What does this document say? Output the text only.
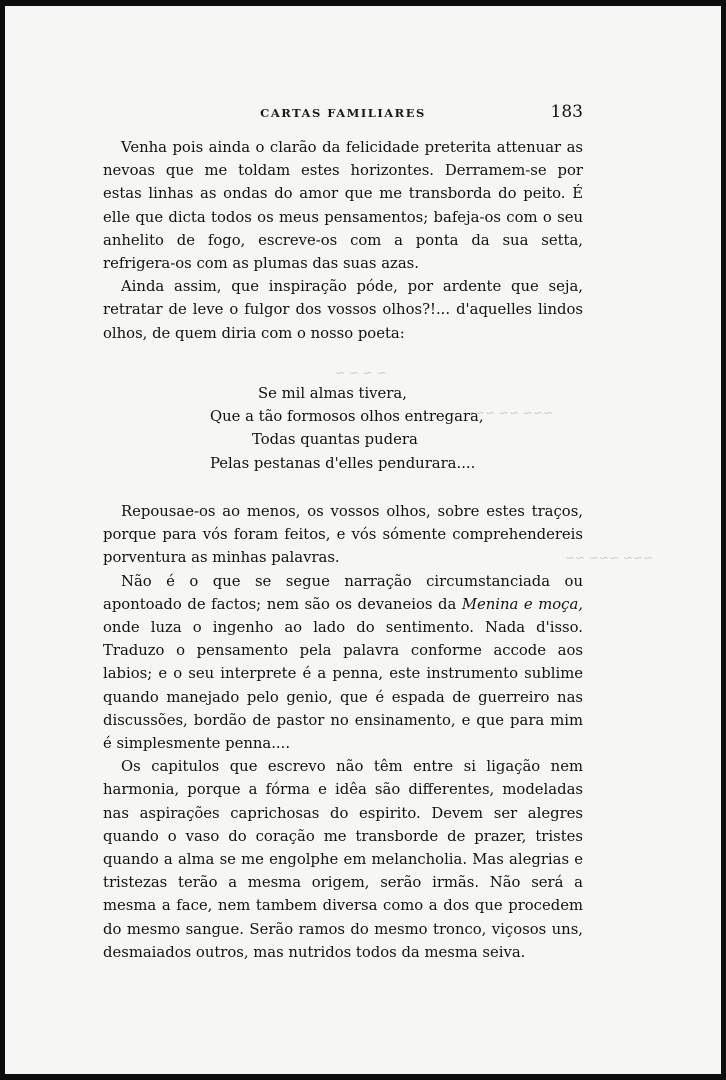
~ ~ ~ ~
~~~ ~~ ~~~
~~~ ~~~ ~~
CARTAS FAMILIARES	183

Venha pois ainda o clarão da felicidade preterita attenuar as nevoas que me toldam estes horizontes. Derramem-se por estas linhas as ondas do amor que me transborda do peito. É elle que dicta todos os meus pensamentos; bafeja-os com o seu anhelito de fogo, escreve-os com a ponta da sua setta, refrigera-os com as plumas das suas azas.

Ainda assim, que inspiração póde, por ardente que seja, retratar de leve o fulgor dos vossos olhos?!... d'aquelles lindos olhos, de quem diria com o nosso poeta:

Se mil almas tivera,
Que a tão formosos olhos entregara,
Todas quantas pudera
Pelas pestanas d'elles pendurara....

Repousae-os ao menos, os vossos olhos, sobre estes traços, porque para vós foram feitos, e vós sómente comprehendereis porventura as minhas palavras.

Não é o que se segue narração circumstanciada ou apontoado de factos; nem são os devaneios da Menina e moça, onde luza o ingenho ao lado do sentimento. Nada d'isso. Traduzo o pensamento pela palavra conforme accode aos labios; e o seu interprete é a penna, este instrumento sublime quando manejado pelo genio, que é espada de guerreiro nas discussões, bordão de pastor no ensinamento, e que para mim é simplesmente penna....

Os capitulos que escrevo não têm entre si ligação nem harmonia, porque a fórma e idêa são differentes, modeladas nas aspirações caprichosas do espirito. Devem ser alegres quando o vaso do coração me transborde de prazer, tristes quando a alma se me engolphe em melancholia. Mas alegrias e tristezas terão a mesma origem, serão irmãs. Não será a mesma a face, nem tambem diversa como a dos que procedem do mesmo sangue. Serão ramos do mesmo tronco, viçosos uns, desmaiados outros, mas nutridos todos da mesma seiva.
